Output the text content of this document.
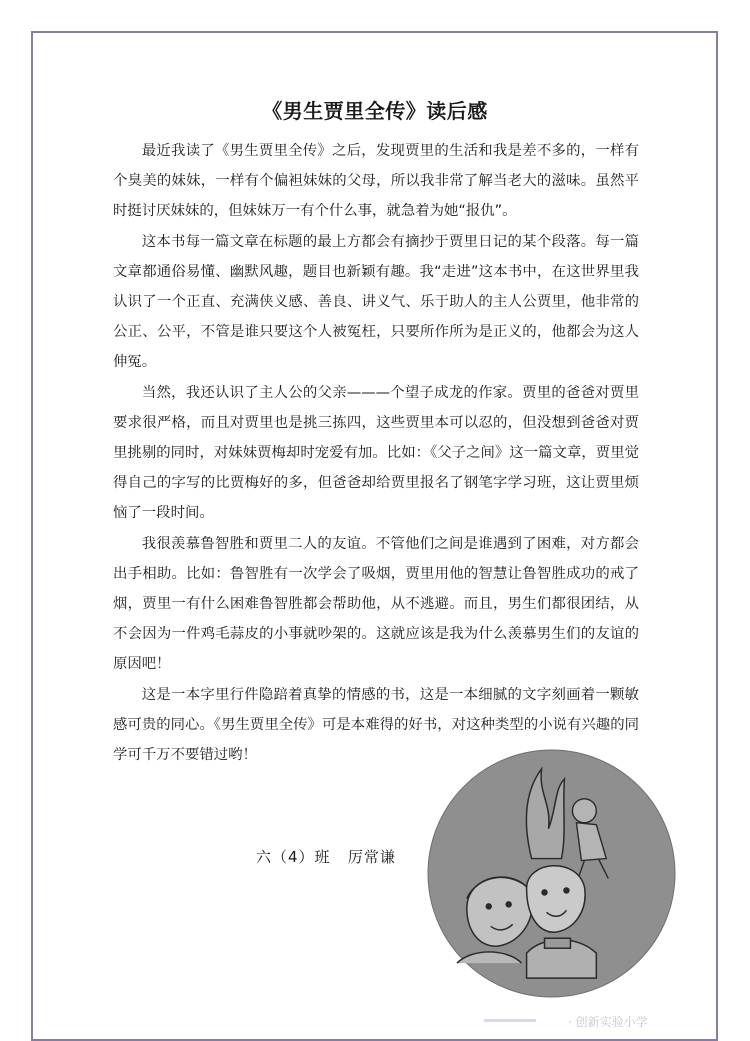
《男生贾里全传》读后感

最近我读了《男生贾里全传》之后，发现贾里的生活和我是差不多的，一样有个臭美的妹妹，一样有个偏袒妹妹的父母，所以我非常了解当老大的滋味。虽然平时挺讨厌妹妹的，但妹妹万一有个什么事，就急着为她“报仇”。

这本书每一篇文章在标题的最上方都会有摘抄于贾里日记的某个段落。每一篇文章都通俗易懂、幽默风趣，题目也新颖有趣。我“走进”这本书中，在这世界里我认识了一个正直、充满侠义感、善良、讲义气、乐于助人的主人公贾里，他非常的公正、公平，不管是谁只要这个人被冤枉，只要所作所为是正义的，他都会为这人伸冤。

当然，我还认识了主人公的父亲———个望子成龙的作家。贾里的爸爸对贾里要求很严格，而且对贾里也是挑三拣四，这些贾里本可以忍的，但没想到爸爸对贾里挑剔的同时，对妹妹贾梅却时宠爱有加。比如：《父子之间》这一篇文章，贾里觉得自己的字写的比贾梅好的多，但爸爸却给贾里报名了钢笔字学习班，这让贾里烦恼了一段时间。

我很羡慕鲁智胜和贾里二人的友谊。不管他们之间是谁遇到了困难，对方都会出手相助。比如：鲁智胜有一次学会了吸烟，贾里用他的智慧让鲁智胜成功的戒了烟，贾里一有什么困难鲁智胜都会帮助他，从不逃避。而且，男生们都很团结，从不会因为一件鸡毛蒜皮的小事就吵架的。这就应该是我为什么羡慕男生们的友谊的原因吧！

这是一本字里行件隐踣着真挚的情感的书，这是一本细腻的文字刻画着一颗敏感可贵的同心。《男生贾里全传》可是本难得的好书，对这种类型的小说有兴趣的同学可千万不要错过哟！

六（4）班   厉常谦
· 创新实验小学
